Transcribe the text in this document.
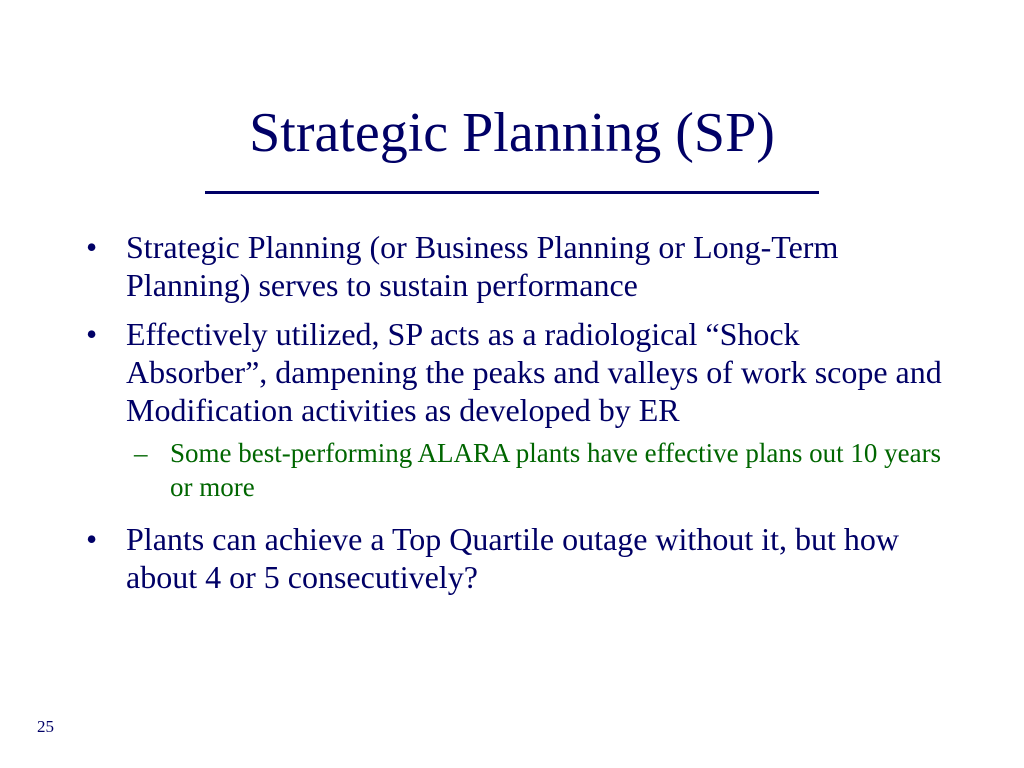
Strategic Planning (SP)
• Strategic Planning (or Business Planning or Long-Term Planning) serves to sustain performance
• Effectively utilized, SP acts as a radiological “Shock Absorber”, dampening the peaks and valleys of work scope and Modification activities as developed by ER
– Some best-performing ALARA plants have effective plans out 10 years or more
• Plants can achieve a Top Quartile outage without it, but how about 4 or 5 consecutively?
25
